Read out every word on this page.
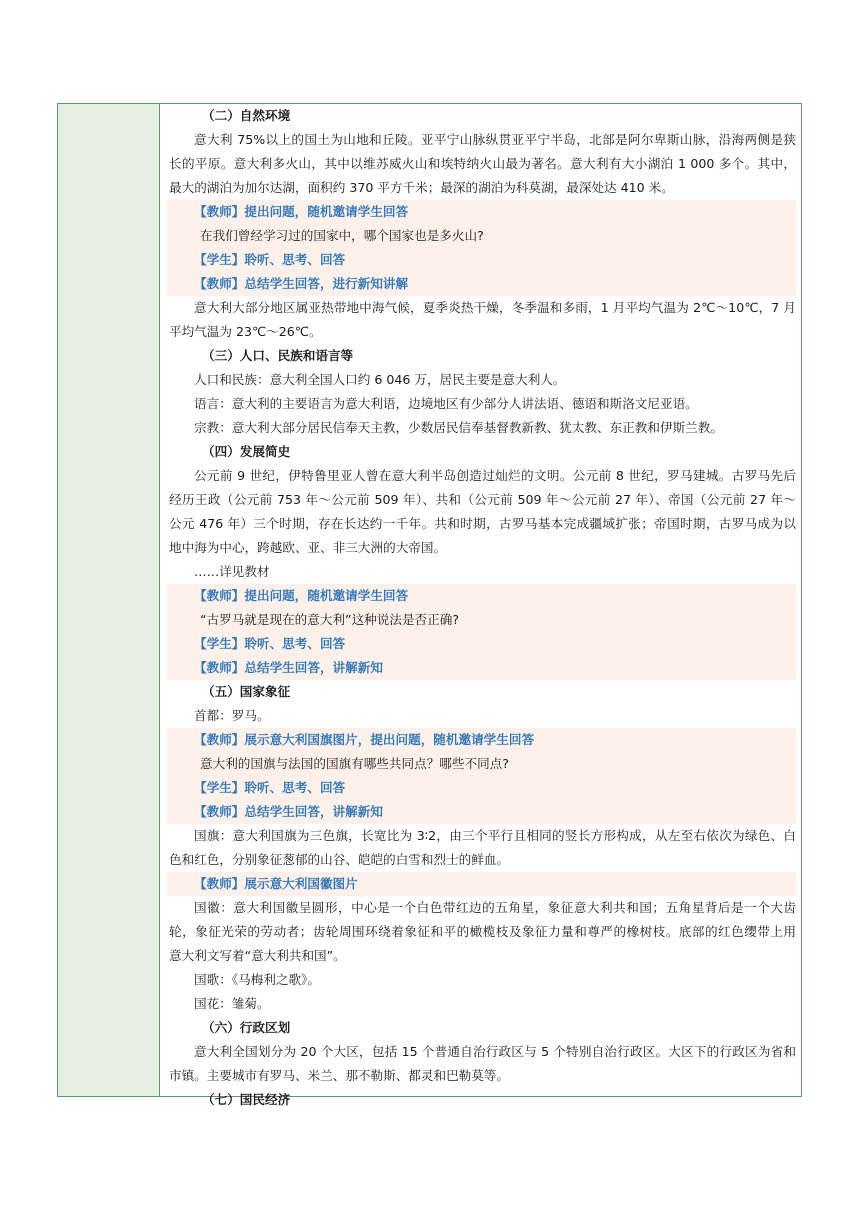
（二）自然环境
意大利 75%以上的国土为山地和丘陵。亚平宁山脉纵贯亚平宁半岛，北部是阿尔卑斯山脉，沿海两侧是狭
长的平原。意大利多火山，其中以维苏威火山和埃特纳火山最为著名。意大利有大小湖泊 1 000 多个。其中，
最大的湖泊为加尔达湖，面积约 370 平方千米；最深的湖泊为科莫湖，最深处达 410 米。
【教师】提出问题，随机邀请学生回答
在我们曾经学习过的国家中，哪个国家也是多火山?
【学生】聆听、思考、回答
【教师】总结学生回答，进行新知讲解
意大利大部分地区属亚热带地中海气候，夏季炎热干燥，冬季温和多雨，1 月平均气温为 2℃～10℃，7 月
平均气温为 23℃～26℃。
（三）人口、民族和语言等
人口和民族：意大利全国人口约 6 046 万，居民主要是意大利人。
语言：意大利的主要语言为意大利语，边境地区有少部分人讲法语、德语和斯洛文尼亚语。
宗教：意大利大部分居民信奉天主教，少数居民信奉基督教新教、犹太教、东正教和伊斯兰教。
（四）发展简史
公元前 9 世纪，伊特鲁里亚人曾在意大利半岛创造过灿烂的文明。公元前 8 世纪，罗马建城。古罗马先后
经历王政（公元前 753 年～公元前 509 年）、共和（公元前 509 年～公元前 27 年）、帝国（公元前 27 年～
公元 476 年）三个时期，存在长达约一千年。共和时期，古罗马基本完成疆域扩张；帝国时期，古罗马成为以
地中海为中心，跨越欧、亚、非三大洲的大帝国。
……详见教材
【教师】提出问题，随机邀请学生回答
“古罗马就是现在的意大利”这种说法是否正确?
【学生】聆听、思考、回答
【教师】总结学生回答，讲解新知
（五）国家象征
首都：罗马。
【教师】展示意大利国旗图片，提出问题，随机邀请学生回答
意大利的国旗与法国的国旗有哪些共同点？哪些不同点?
【学生】聆听、思考、回答
【教师】总结学生回答，讲解新知
国旗：意大利国旗为三色旗，长宽比为 3∶2，由三个平行且相同的竖长方形构成，从左至右依次为绿色、白
色和红色，分别象征葱郁的山谷、皑皑的白雪和烈士的鲜血。
【教师】展示意大利国徽图片
国徽：意大利国徽呈圆形，中心是一个白色带红边的五角星，象征意大利共和国；五角星背后是一个大齿
轮，象征光荣的劳动者；齿轮周围环绕着象征和平的橄榄枝及象征力量和尊严的橡树枝。底部的红色缨带上用
意大利文写着“意大利共和国”。
国歌：《马梅利之歌》。
国花：雏菊。
（六）行政区划
意大利全国划分为 20 个大区，包括 15 个普通自治行政区与 5 个特别自治行政区。大区下的行政区为省和
市镇。主要城市有罗马、米兰、那不勒斯、都灵和巴勒莫等。
（七）国民经济
